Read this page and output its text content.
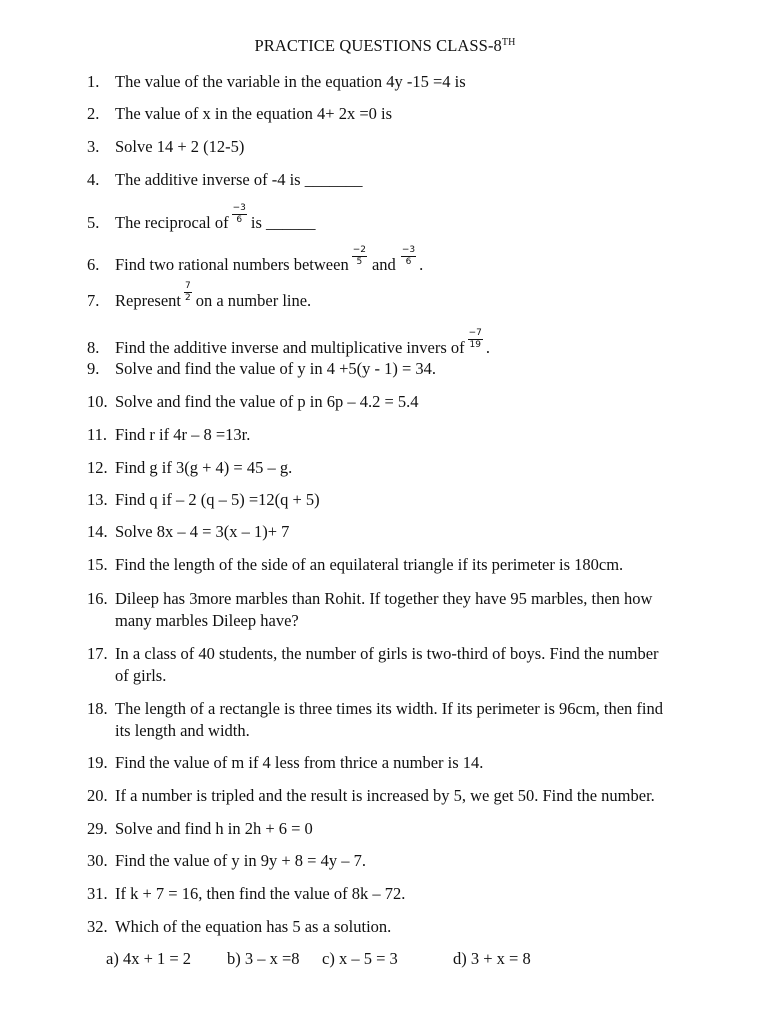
PRACTICE QUESTIONS CLASS-8TH
1. The value of the variable in the equation 4y -15 =4 is
2. The value of x in the equation 4+ 2x =0 is
3. Solve 14 + 2 (12-5)
4. The additive inverse of -4 is _______
5. The reciprocal of $\frac{-3}{6}$ is ______
6. Find two rational numbers between $\frac{-2}{5}$ and $\frac{-3}{6}$ .
7. Represent $\frac{7}{2}$ on a number line.
8. Find the additive inverse and multiplicative invers of $\frac{-7}{19}$ .
9. Solve and find the value of y in 4 +5(y - 1) = 34.
10. Solve and find the value of p in 6p – 4.2 = 5.4
11. Find r if 4r – 8 =13r.
12. Find g if 3(g + 4) = 45 – g.
13. Find q if – 2 (q – 5) =12(q + 5)
14. Solve 8x – 4 = 3(x – 1)+ 7
15. Find the length of the side of an equilateral triangle if its perimeter is 180cm.
16. Dileep has 3more marbles than Rohit. If together they have 95 marbles, then how
many marbles Dileep have?
17. In a class of 40 students, the number of girls is two-third of boys. Find the number
of girls.
18. The length of a rectangle is three times its width. If its perimeter is 96cm, then find
its length and width.
19. Find the value of m if 4 less from thrice a number is 14.
20. If a number is tripled and the result is increased by 5, we get 50. Find the number.
29. Solve and find h in 2h + 6 = 0
30. Find the value of y in 9y + 8 = 4y – 7.
31. If k + 7 = 16, then find the value of 8k – 72.
32. Which of the equation has 5 as a solution.
a) 4x + 1 = 2 b) 3 – x =8 c) x – 5 = 3	d) 3 + x = 8
